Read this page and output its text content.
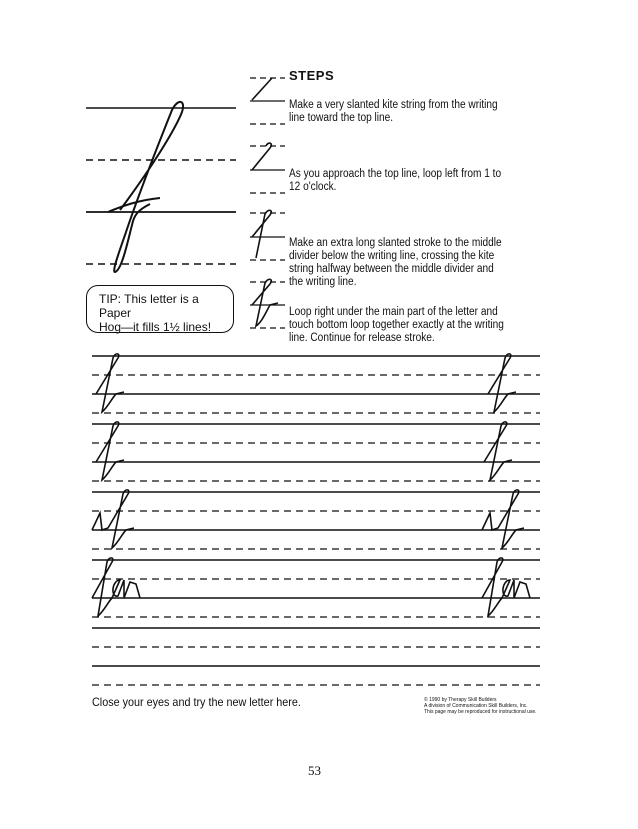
STEPS
Make a very slanted kite string from the writing line toward the top line.
As you approach the top line, loop left from 1 to 12 o'clock.
Make an extra long slanted stroke to the middle divider below the writing line, crossing the kite string halfway between the middle divider and the writing line.
Loop right under the main part of the letter and touch bottom loop together exactly at the writing line. Continue for release stroke.
TIP: This letter is a Paper
Hog—it fills 1½ lines!
Close your eyes and try the new letter here.	© 1990 by Therapy Skill Builders
A division of Communication Skill Builders, Inc.
This page may be reproduced for instructional use.
53
